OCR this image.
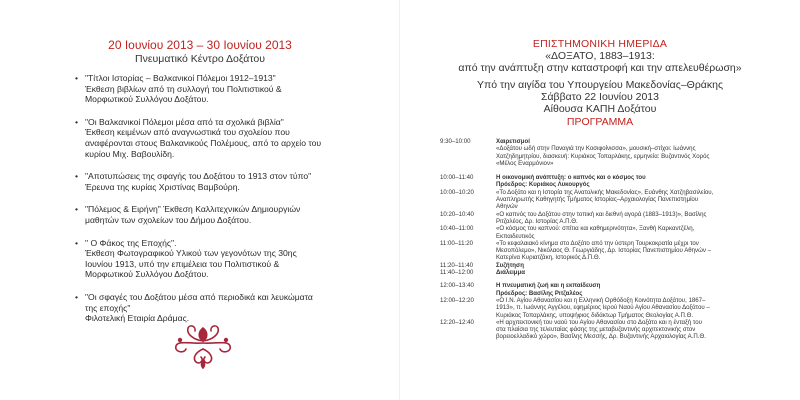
20 Ιουνίου 2013 – 30 Ιουνίου 2013
Πνευματικό Κέντρο Δοξάτου
• "Τίτλοι Ιστορίας – Βαλκανικοί Πόλεμοι 1912–1913"
Έκθεση βιβλίων από τη συλλογή του Πολιτιστικού &
Μορφωτικού Συλλόγου Δοξάτου.
• "Οι Βαλκανικοί Πόλεμοι μέσα από τα σχολικά βιβλία"
Έκθεση κειμένων από αναγνωστικά του σχολείου που
αναφέρονται στους Βαλκανικούς Πολέμους, από το αρχείο του
κυρίου Μιχ. Βαβουλίδη.
• "Αποτυπώσεις της σφαγής του Δοξάτου το 1913 στον τύπο"
Έρευνα της κυρίας Χριστίνας Βαμβούρη.
• "Πόλεμος & Ειρήνη" Έκθεση Καλλιτεχνικών Δημιουργιών
μαθητών των σχολείων του Δήμου Δοξάτου.
• " Ο Φάκος της Εποχής".
Έκθεση Φωτογραφικού Υλικού των γεγονότων της 30ης
Ιουνίου 1913, υπό την επιμέλεια του Πολιτιστικού &
Μορφωτικού Συλλόγου Δοξάτου.
• "Οι σφαγές του Δοξάτου μέσα από περιοδικά και λευκώματα
της εποχής"
Φιλοτελική Εταιρία Δράμας.
ΕΠΙΣΤΗΜΟΝΙΚΗ ΗΜΕΡΙΔΑ
«ΔΟΞΑΤΟ, 1883–1913:
από την ανάπτυξη στην καταστροφή και την απελευθέρωση»
Υπό την αιγίδα του Υπουργείου Μακεδονίας–Θράκης
Σάββατο 22 Ιουνίου 2013
Αίθουσα ΚΑΠΗ Δοξάτου
ΠΡΟΓΡΑΜΜΑ
9:30–10:00	Χαιρετισμοί
«Δοξάτου ωδή στην Παναγιά την Κοσιφοίνισσα», μουσική–στίχοι: Ιωάννης
Χατζηδημητρίου, διασκευή: Κυριάκος Τοπαρλάκης, ερμηνεία: Βυζαντινός Χορός
«Μέλος Εναρμόνιον»
10:00–11:40	Η οικονομική ανάπτυξη: ο καπνός και ο κόσμος του
Πρόεδρος: Κυριάκος Λυκουργός
10:00–10:20	«Το Δοξάτο και η Ιστορία της Ανατολικής Μακεδονίας», Ευάνθης Χατζηβασιλείου,
Αναπληρωτής Καθηγητής Τμήματος Ιστορίας–Αρχαιολογίας Πανεπιστημίου
Αθηνών
10:20–10:40	«Ο καπνός του Δοξάτου στην τοπική και διεθνή αγορά (1883–1913)», Βασίλης
Ριτζαλέος, Δρ. Ιστορίας Α.Π.Θ.
10:40–11:00	«Ο κόσμος του καπνού: σπίτια και καθημερινότητα», Ξανθή Καρκαντζέλη,
Εκπαιδευτικός
11:00–11:20	«Το κεφαλαιακό κίνημα στο Δοξάτο από την ύστερη Τουρκοκρατία μέχρι τον
Μεσοπόλεμο», Νικόλαος Θ. Γεωργιάδης, Δρ. Ιστορίας Πανεπιστημίου Αθηνών –
Κατερίνα Κυριατζάκη, Ιστορικός Δ.Π.Θ.
11:20–11:40	Συζήτηση
11:40–12:00	Διάλειμμα
12:00–13:40	Η πνευματική ζωή και η εκπαίδευση
Πρόεδρος: Βασίλης Ριτζαλέος
12:00–12:20	«Ο Ι.Ν. Αγίου Αθανασίου και η Ελληνική Ορθόδοξη Κοινότητα Δοξάτου, 1867–
1913», π. Ιωάννης Αγγέλου, εφημέριος Ιερού Ναού Αγίου Αθανασίου Δοξάτου –
Κυριάκος Τοπαρλάκης, υποψήφιος διδάκτωρ Τμήματος Θεολογίας Α.Π.Θ.
12:20–12:40	«Η αρχιτεκτονική του ναού του Αγίου Αθανασίου στο Δοξάτο και η ένταξή του
στα πλαίσια της τελευταίας φάσης της μεταβυζαντινής αρχιτεκτονικής στον
βορειοελλαδικό χώρο», Βασίλης Μεσσής, Δρ. Βυζαντινής Αρχαιολογίας Α.Π.Θ.
